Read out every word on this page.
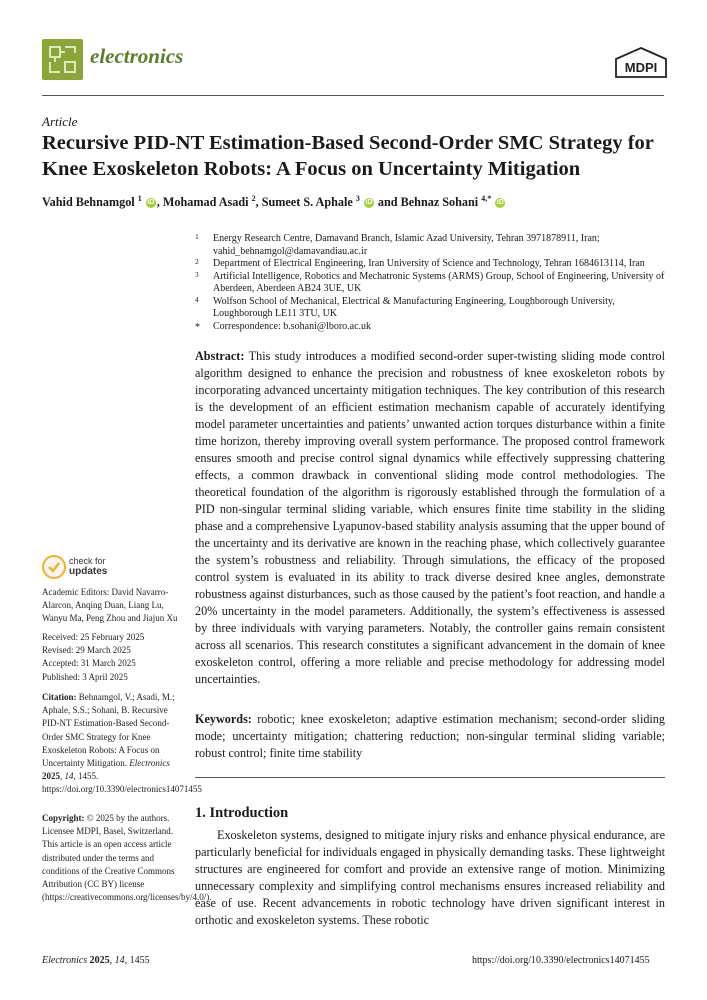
electronics	MDPI
Article
Recursive PID-NT Estimation-Based Second-Order SMC Strategy for Knee Exoskeleton Robots: A Focus on Uncertainty Mitigation
Vahid Behnamgol $^1$ iD , Mohamad Asadi $^2$, Sumeet S. Aphale $^3$ iD and Behnaz Sohani $^{4,*}$ iD
1 Energy Research Centre, Damavand Branch, Islamic Azad University, Tehran 3971878911, Iran; vahid_behnamgol@damavandiau.ac.ir
2 Department of Electrical Engineering, Iran University of Science and Technology, Tehran 1684613114, Iran
3 Artificial Intelligence, Robotics and Mechatronic Systems (ARMS) Group, School of Engineering, University of Aberdeen, Aberdeen AB24 3UE, UK
4 Wolfson School of Mechanical, Electrical & Manufacturing Engineering, Loughborough University, Loughborough LE11 3TU, UK
* Correspondence: b.sohani@lboro.ac.uk
Abstract: This study introduces a modified second-order super-twisting sliding mode control algorithm designed to enhance the precision and robustness of knee exoskeleton robots by incorporating advanced uncertainty mitigation techniques. The key contribution of this research is the development of an efficient estimation mechanism capable of accurately identifying model parameter uncertainties and patients’ unwanted action torques disturbance within a finite time horizon, thereby improving overall system performance. The proposed control framework ensures smooth and precise control signal dynamics while effectively suppressing chattering effects, a common drawback in conventional sliding mode control methodologies. The theoretical foundation of the algorithm is rigorously established through the formulation of a PID non-singular terminal sliding variable, which ensures finite time stability in the sliding phase and a comprehensive Lyapunov-based stability analysis assuming that the upper bound of the uncertainty and its derivative are known in the reaching phase, which collectively guarantee the system’s robustness and reliability. Through simulations, the efficacy of the proposed control system is evaluated in its ability to track diverse desired knee angles, demonstrate robustness against disturbances, such as those caused by the patient’s foot reaction, and handle a 20% uncertainty in the model parameters. Additionally, the system’s effectiveness is assessed by three individuals with varying parameters. Notably, the controller gains remain consistent across all scenarios. This research constitutes a significant advancement in the domain of knee exoskeleton control, offering a more reliable and precise methodology for addressing model uncertainties.
Keywords: robotic; knee exoskeleton; adaptive estimation mechanism; second-order sliding mode; uncertainty mitigation; chattering reduction; non-singular terminal sliding variable; robust control; finite time stability
1. Introduction

Exoskeleton systems, designed to mitigate injury risks and enhance physical endurance, are particularly beneficial for individuals engaged in physically demanding tasks. These lightweight structures are engineered for comfort and provide an extensive range of motion. Minimizing unnecessary complexity and simplifying control mechanisms ensures increased reliability and ease of use. Recent advancements in robotic technology have driven significant interest in orthotic and exoskeleton systems. These robotic

check for
updates
Academic Editors: David Navarro-Alarcon, Anqing Duan, Liang Lu, Wanyu Ma, Peng Zhou and Jiajun Xu
Received: 25 February 2025
Revised: 29 March 2025
Accepted: 31 March 2025
Published: 3 April 2025
Citation: Behnamgol, V.; Asadi, M.; Aphale, S.S.; Sohani, B. Recursive PID-NT Estimation-Based Second-Order SMC Strategy for Knee Exoskeleton Robots: A Focus on Uncertainty Mitigation. Electronics 2025, 14, 1455. https://doi.org/10.3390/electronics14071455
Copyright: © 2025 by the authors. Licensee MDPI, Basel, Switzerland. This article is an open access article distributed under the terms and conditions of the Creative Commons Attribution (CC BY) license (https://creativecommons.org/licenses/by/4.0/).
Electronics 2025, 14, 1455	https://doi.org/10.3390/electronics14071455
